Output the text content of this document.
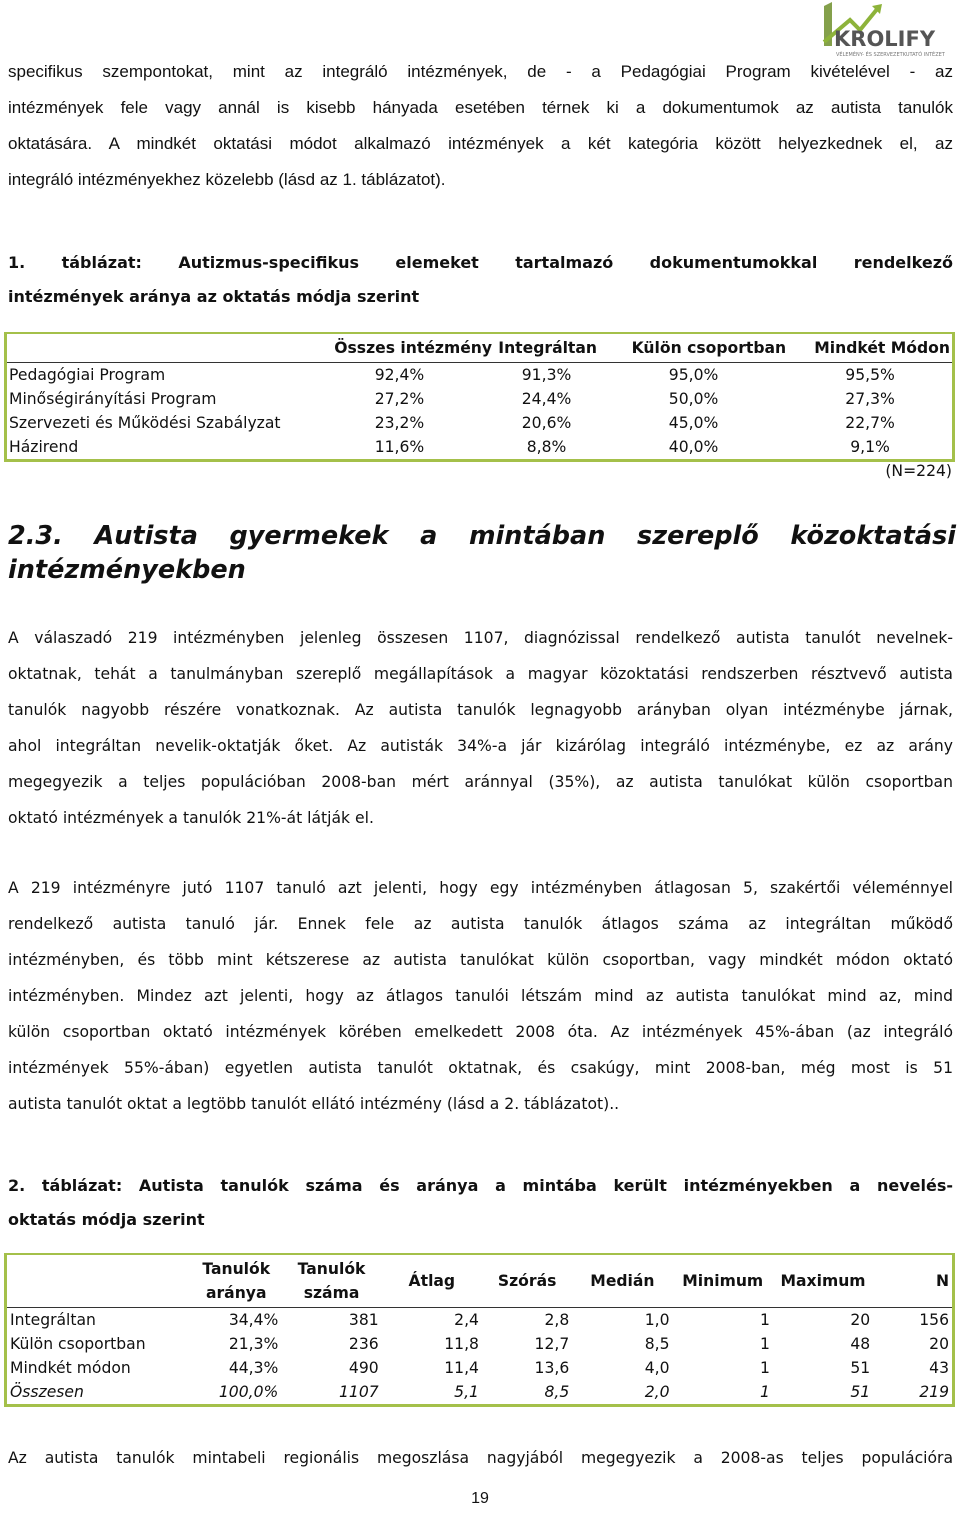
KROLIFY
VÉLEMÉNY- ÉS SZERVEZETKUTATÓ INTÉZET
specifikus szempontokat, mint az integráló intézmények, de - a Pedagógiai Program kivételével - az
intézmények fele vagy annál is kisebb hányada esetében térnek ki a dokumentumok az autista tanulók
oktatására. A mindkét oktatási módot alkalmazó intézmények a két kategória között helyezkednek el, az
integráló intézményekhez közelebb (lásd az 1. táblázatot).
1. táblázat: Autizmus-specifikus elemeket tartalmazó dokumentumokkal rendelkező
intézmények aránya az oktatás módja szerint
	Összes intézmény	Integráltan	Külön csoportban	Mindkét Módon
Pedagógiai Program	92,4%	91,3%	95,0%	95,5%
Minőségirányítási Program	27,2%	24,4%	50,0%	27,3%
Szervezeti és Működési Szabályzat	23,2%	20,6%	45,0%	22,7%
Házirend	11,6%	8,8%	40,0%	9,1%
(N=224)
2.3. Autista gyermekek a mintában szereplő közoktatási
intézményekben
A válaszadó 219 intézményben jelenleg összesen 1107, diagnózissal rendelkező autista tanulót nevelnek-
oktatnak, tehát a tanulmányban szereplő megállapítások a magyar közoktatási rendszerben résztvevő autista
tanulók nagyobb részére vonatkoznak. Az autista tanulók legnagyobb arányban olyan intézménybe járnak,
ahol integráltan nevelik-oktatják őket. Az autisták 34%-a jár kizárólag integráló intézménybe, ez az arány
megegyezik a teljes populációban 2008-ban mért aránnyal (35%), az autista tanulókat külön csoportban
oktató intézmények a tanulók 21%-át látják el.
A 219 intézményre jutó 1107 tanuló azt jelenti, hogy egy intézményben átlagosan 5, szakértői véleménnyel
rendelkező autista tanuló jár. Ennek fele az autista tanulók átlagos száma az integráltan működő
intézményben, és több mint kétszerese az autista tanulókat külön csoportban, vagy mindkét módon oktató
intézményben. Mindez azt jelenti, hogy az átlagos tanulói létszám mind az autista tanulókat mind az, mind
külön csoportban oktató intézmények körében emelkedett 2008 óta. Az intézmények 45%-ában (az integráló
intézmények 55%-ában) egyetlen autista tanulót oktatnak, és csakúgy, mint 2008-ban, még most is 51
autista tanulót oktat a legtöbb tanulót ellátó intézmény (lásd a 2. táblázatot)..
2. táblázat: Autista tanulók száma és aránya a mintába került intézményekben a nevelés-
oktatás módja szerint
	Tanulók aránya	Tanulók száma	Átlag	Szórás	Medián	Minimum	Maximum	N
Integráltan	34,4%	381	2,4	2,8	1,0	1	20	156
Külön csoportban	21,3%	236	11,8	12,7	8,5	1	48	20
Mindkét módon	44,3%	490	11,4	13,6	4,0	1	51	43
Összesen	100,0%	1107	5,1	8,5	2,0	1	51	219
Az autista tanulók mintabeli regionális megoszlása nagyjából megegyezik a 2008-as teljes populációra
19
